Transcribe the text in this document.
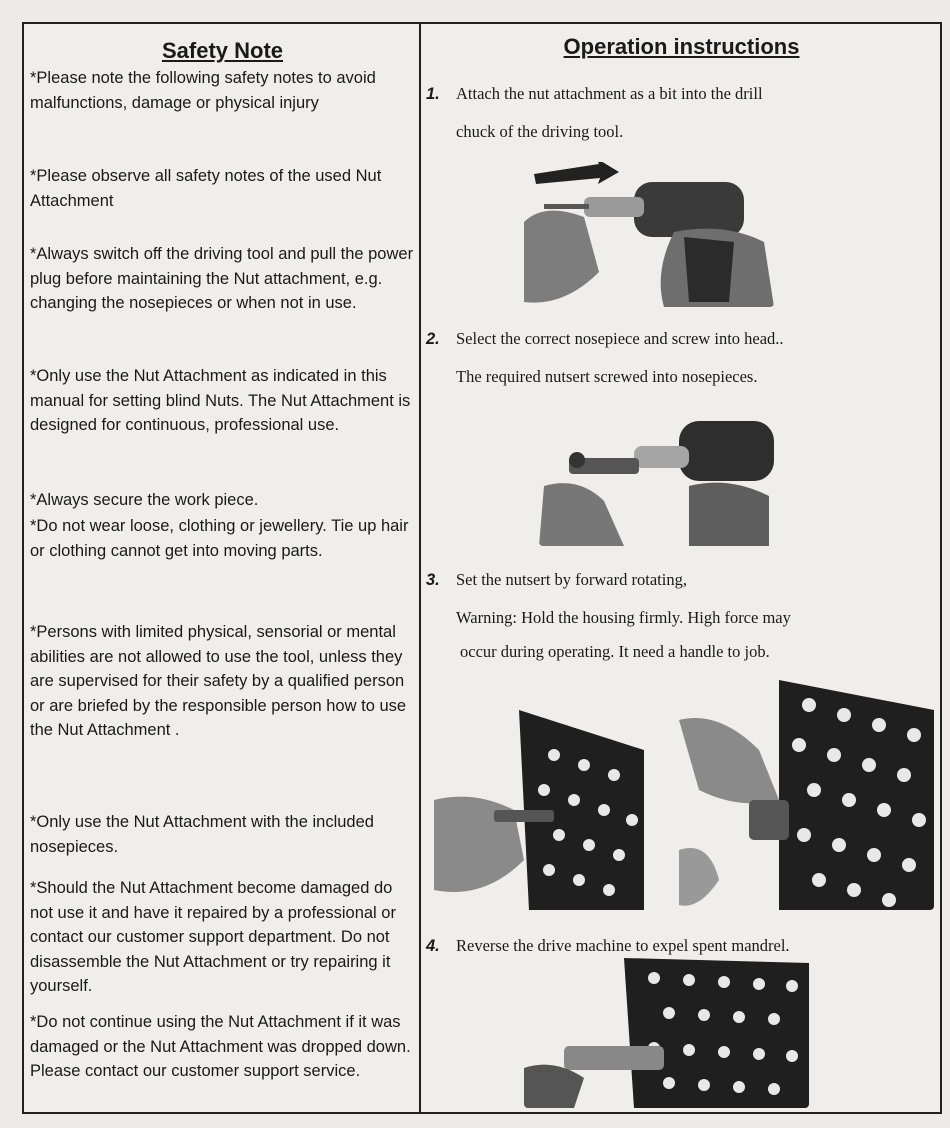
Safety Note

*Please note the following safety notes to avoid malfunctions, damage or physical injury

*Please observe all safety notes of the used Nut Attachment

*Always switch off the driving tool and pull the power plug before maintaining the Nut attachment, e.g. changing the nosepieces or when not in use.

*Only use the Nut Attachment as indicated in this manual for setting blind Nuts. The Nut Attachment is designed for continuous, professional use.

*Always secure the work piece.

*Do not wear loose, clothing or jewellery. Tie up hair or clothing cannot get into moving parts.

*Persons with limited physical, sensorial or mental abilities are not allowed to use the tool, unless they are supervised for their safety by a qualified person or are briefed by the responsible person how to use the Nut Attachment .

*Only use the Nut Attachment with the included nosepieces.

*Should the Nut Attachment become damaged do not use it and have it repaired by a professional or contact our customer support department. Do not disassemble the Nut Attachment or try repairing it yourself.

*Do not continue using the Nut Attachment if it was damaged or the Nut Attachment was dropped down. Please contact our customer support service.

Operation instructions
1. Attach the nut attachment as a bit into the drill
chuck of the driving tool.
2. Select the correct nosepiece and screw into head..
The required nutsert screwed into nosepieces.
3. Set the nutsert by forward rotating,
Warning: Hold the housing firmly. High force may
occur during operating. It need a handle to job.
4. Reverse the drive machine to expel spent mandrel.
